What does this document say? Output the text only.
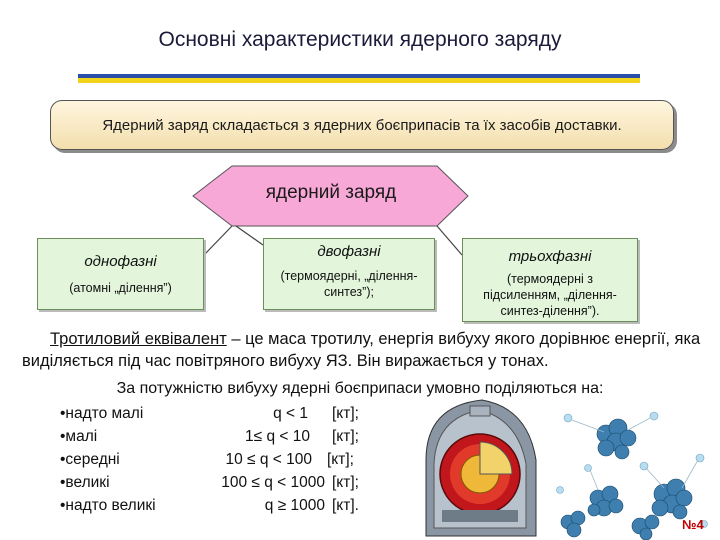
Основні характеристики ядерного заряду
Ядерний заряд складається з ядерних боєприпасів та їх засобів доставки.
ядерний заряд
однофазні
(атомні „ділення”)
двофазні
(термоядерні, „ділення-синтез”);
трьохфазні
(термоядерні з підсиленням, „ділення-синтез-ділення”).
Тротиловий еквівалент – це маса тротилу, енергія вибуху якого дорівнює енергії, яка виділяється під час повітряного вибуху ЯЗ. Він виражається у тонах.
За потужністю вибуху ядерні боєприпаси умовно поділяються на:
•надто малі	q < 1 [кт];
•малі	1≤ q < 10 [кт];
•середні	10 ≤ q < 100 [кт];
•великі	100 ≤ q < 1000 [кт];
•надто великі	q ≥ 1000 [кт].
№4
